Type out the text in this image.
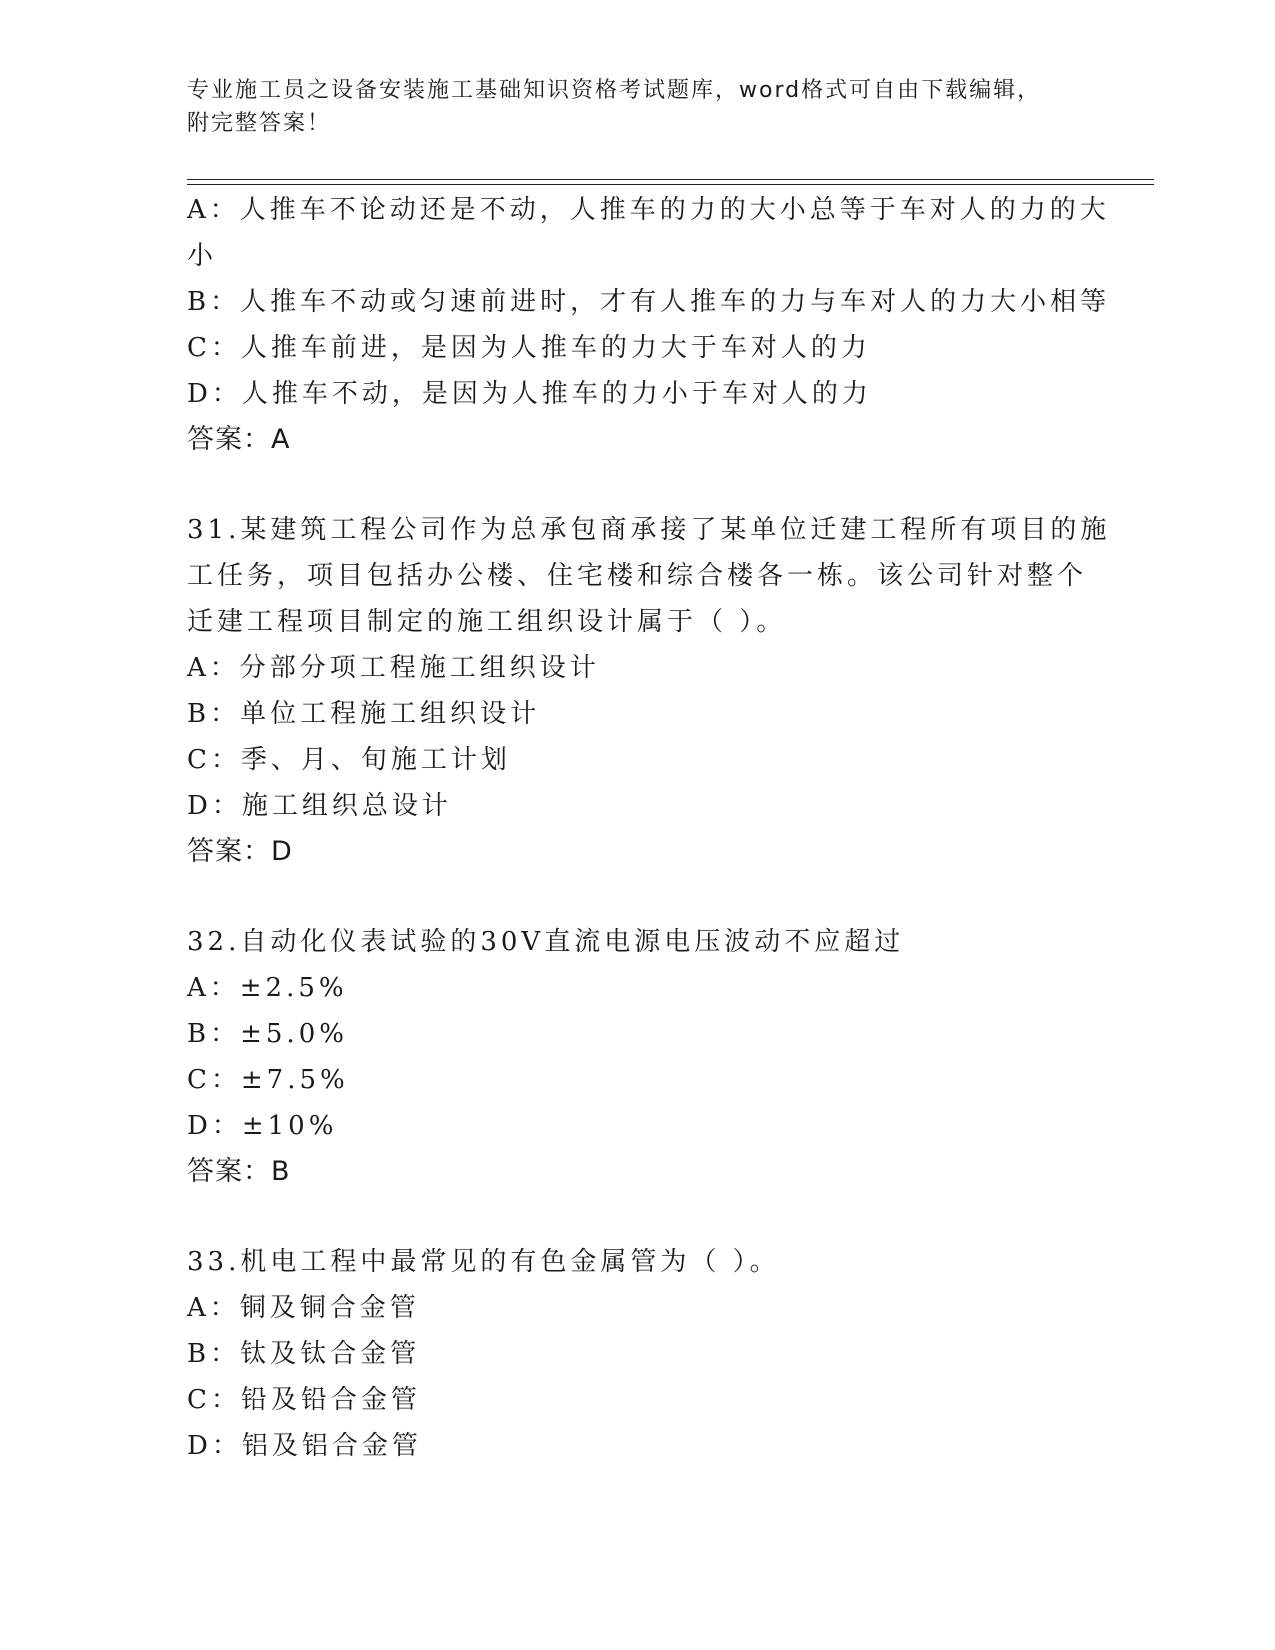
专业施工员之设备安装施工基础知识资格考试题库，word格式可自由下载编辑，
附完整答案！
A：人推车不论动还是不动，人推车的力的大小总等于车对人的力的大
小
B：人推车不动或匀速前进时，才有人推车的力与车对人的力大小相等
C：人推车前进，是因为人推车的力大于车对人的力
D：人推车不动，是因为人推车的力小于车对人的力
答案：A
31.某建筑工程公司作为总承包商承接了某单位迁建工程所有项目的施
工任务，项目包括办公楼、住宅楼和综合楼各一栋。该公司针对整个
迁建工程项目制定的施工组织设计属于（ ）。
A：分部分项工程施工组织设计
B：单位工程施工组织设计
C：季、月、旬施工计划
D：施工组织总设计
答案：D
32.自动化仪表试验的30V直流电源电压波动不应超过
A：±2.5%
B：±5.0%
C：±7.5%
D：±10%
答案：B
33.机电工程中最常见的有色金属管为（ ）。
A：铜及铜合金管
B：钛及钛合金管
C：铅及铅合金管
D：铝及铝合金管
